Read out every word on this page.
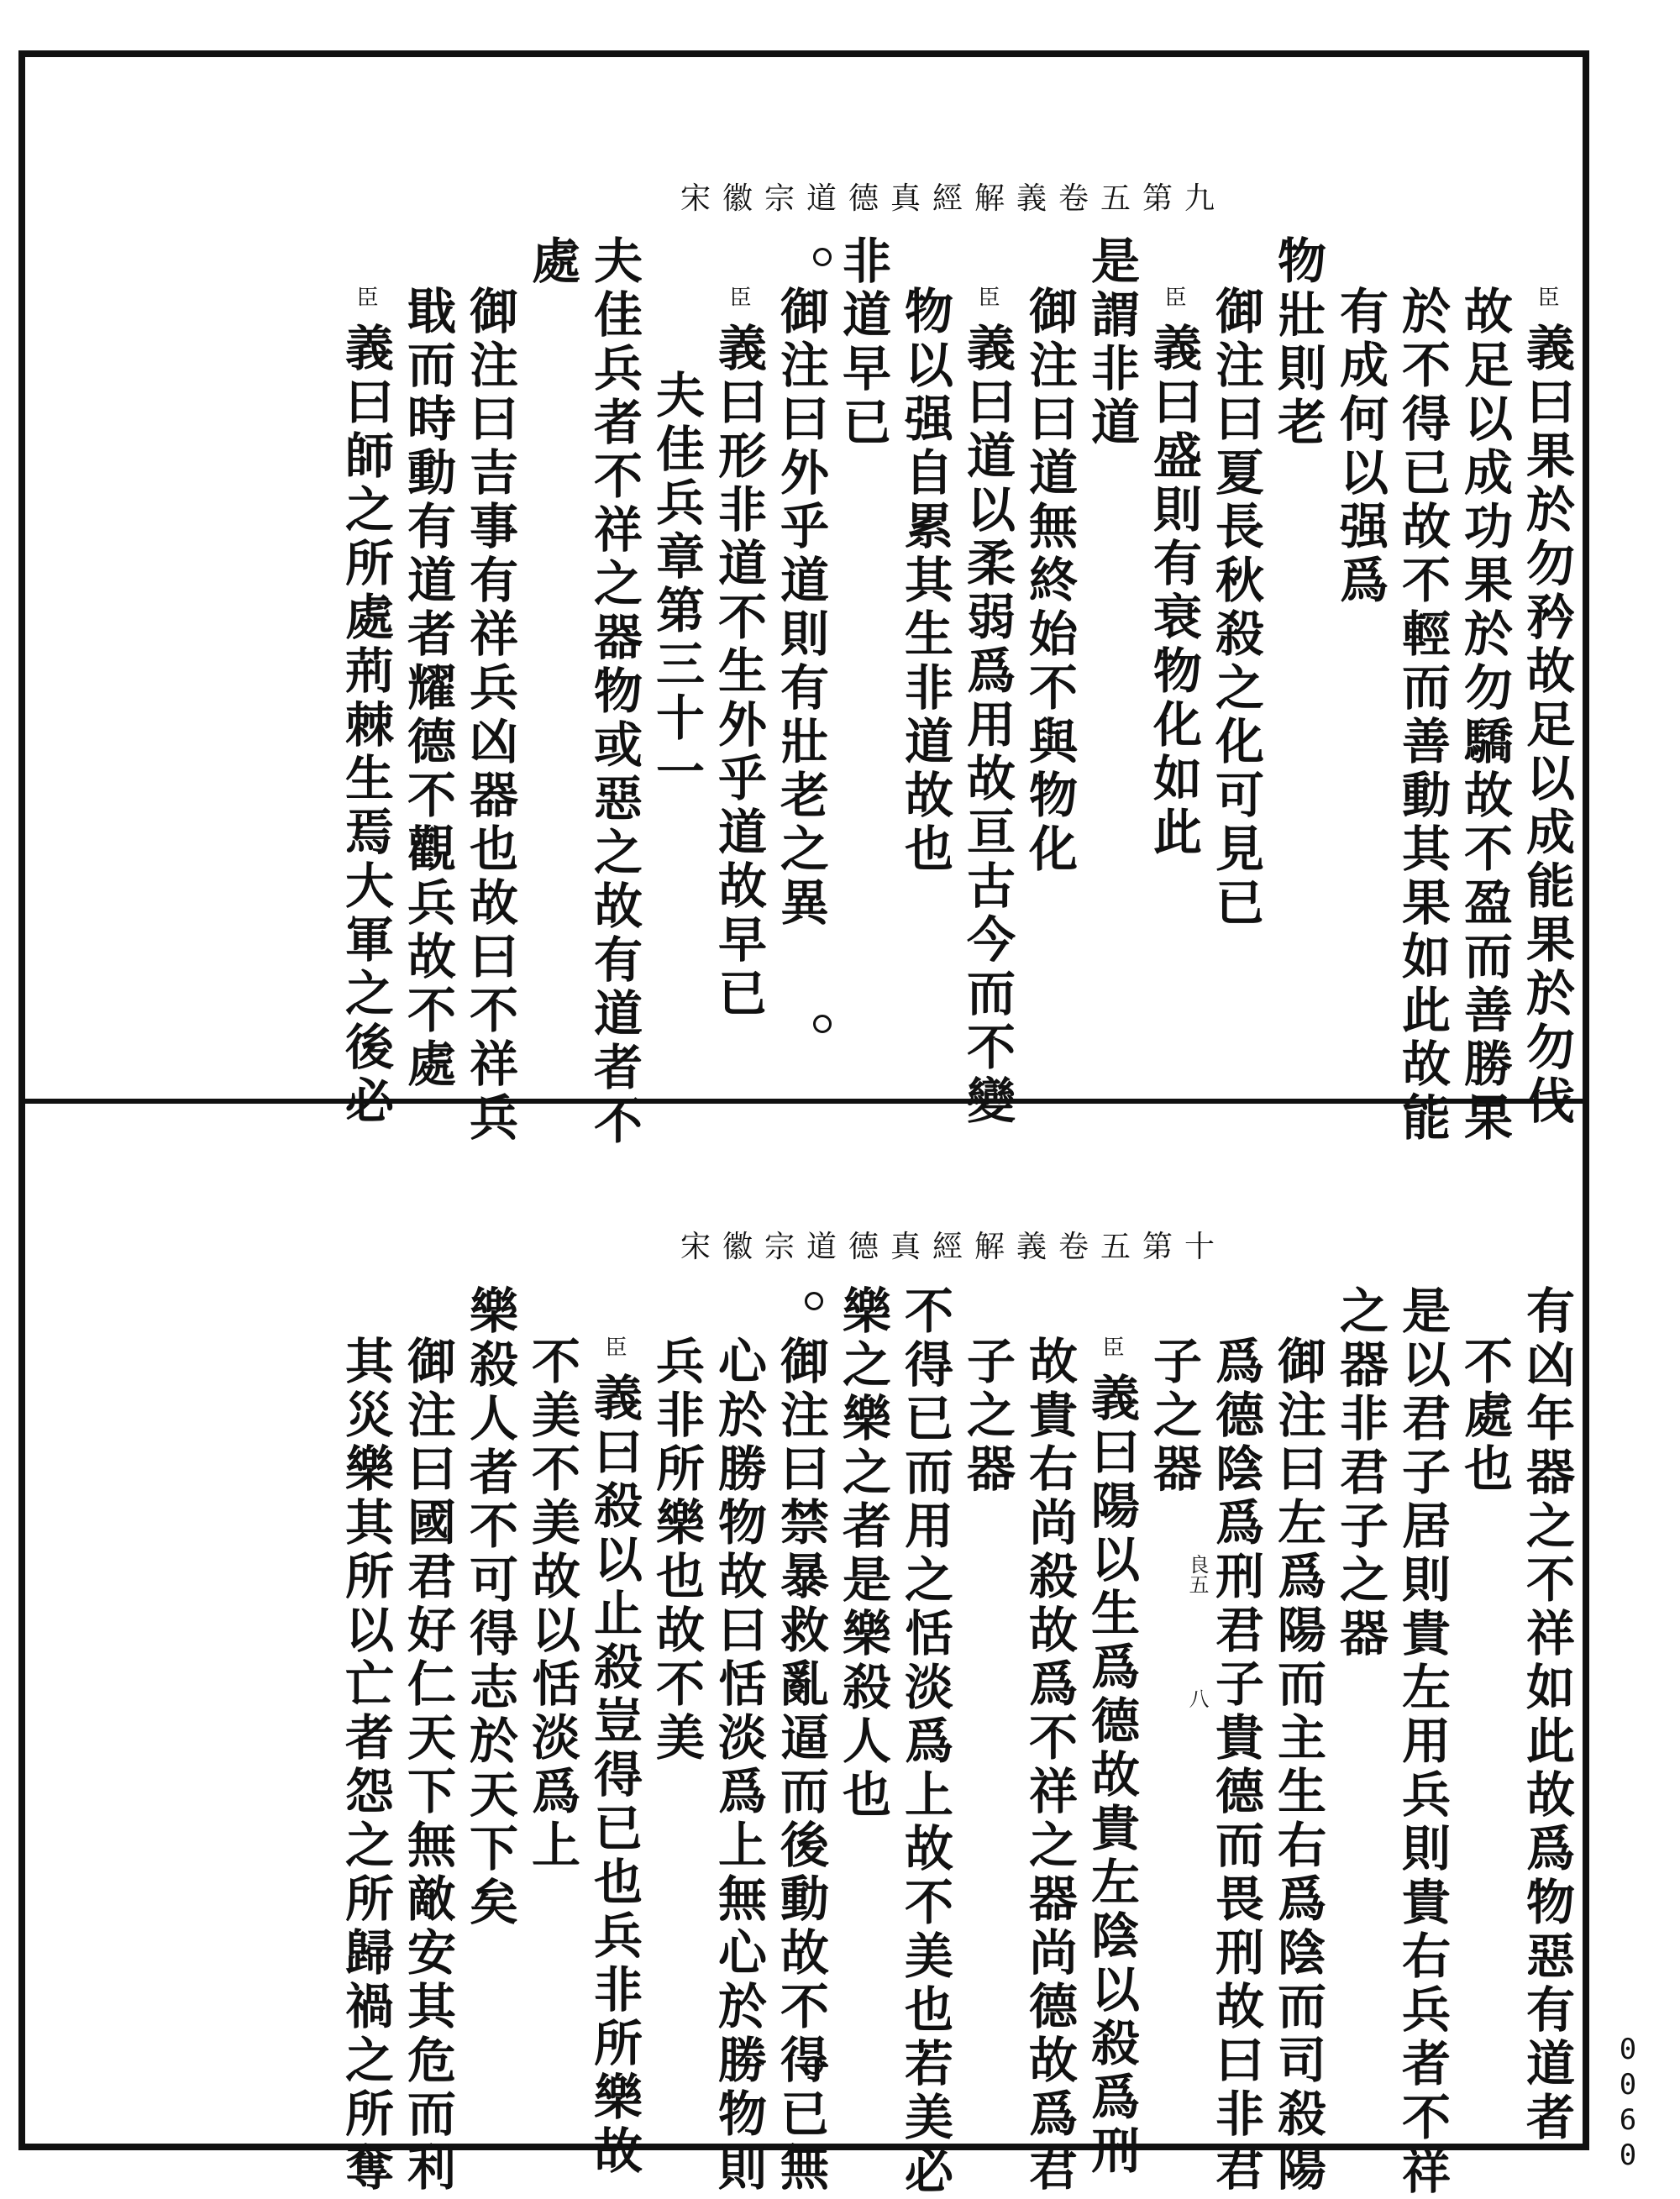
宋徽宗道德真經解義卷五第九
臣義曰果於勿矜故足以成能果於勿伐
故足以成功果於勿驕故不盈而善勝果
於不得已故不輕而善動其果如此故能
有成何以强爲
物壯則老
御注曰夏長秋殺之化可見已
臣義曰盛則有衰物化如此
是謂非道
御注曰道無終始不與物化
臣義曰道以柔弱爲用故亘古今而不變
物以强自累其生非道故也
非道早已
御注曰外乎道則有壯老之異
臣義曰形非道不生外乎道故早已
夫佳兵章第三十一
夫佳兵者不祥之器物或惡之故有道者不
處
御注曰吉事有祥兵凶器也故曰不祥兵
戢而時動有道者耀德不觀兵故不處
臣義曰師之所處荊棘生焉大軍之後必
宋徽宗道德真經解義卷五第十
有凶年器之不祥如此故爲物惡有道者
不處也
是以君子居則貴左用兵則貴右兵者不祥
之器非君子之器
御注曰左爲陽而主生右爲陰而司殺陽
爲德陰爲刑君子貴德而畏刑故曰非君
子之器
臣義曰陽以生爲德故貴左陰以殺爲刑
故貴右尚殺故爲不祥之器尚德故爲君
子之器
不得已而用之恬淡爲上故不美也若美必
樂之樂之者是樂殺人也
御注曰禁暴救亂逼而後動故不得已無
心於勝物故曰恬淡爲上無心於勝物則
兵非所樂也故不美
臣義曰殺以止殺豈得已也兵非所樂故
不美不美故以恬淡爲上
樂殺人者不可得志於天下矣
御注曰國君好仁天下無敵安其危而利
其災樂其所以亡者怨之所歸禍之所奪	良五
八
0060
